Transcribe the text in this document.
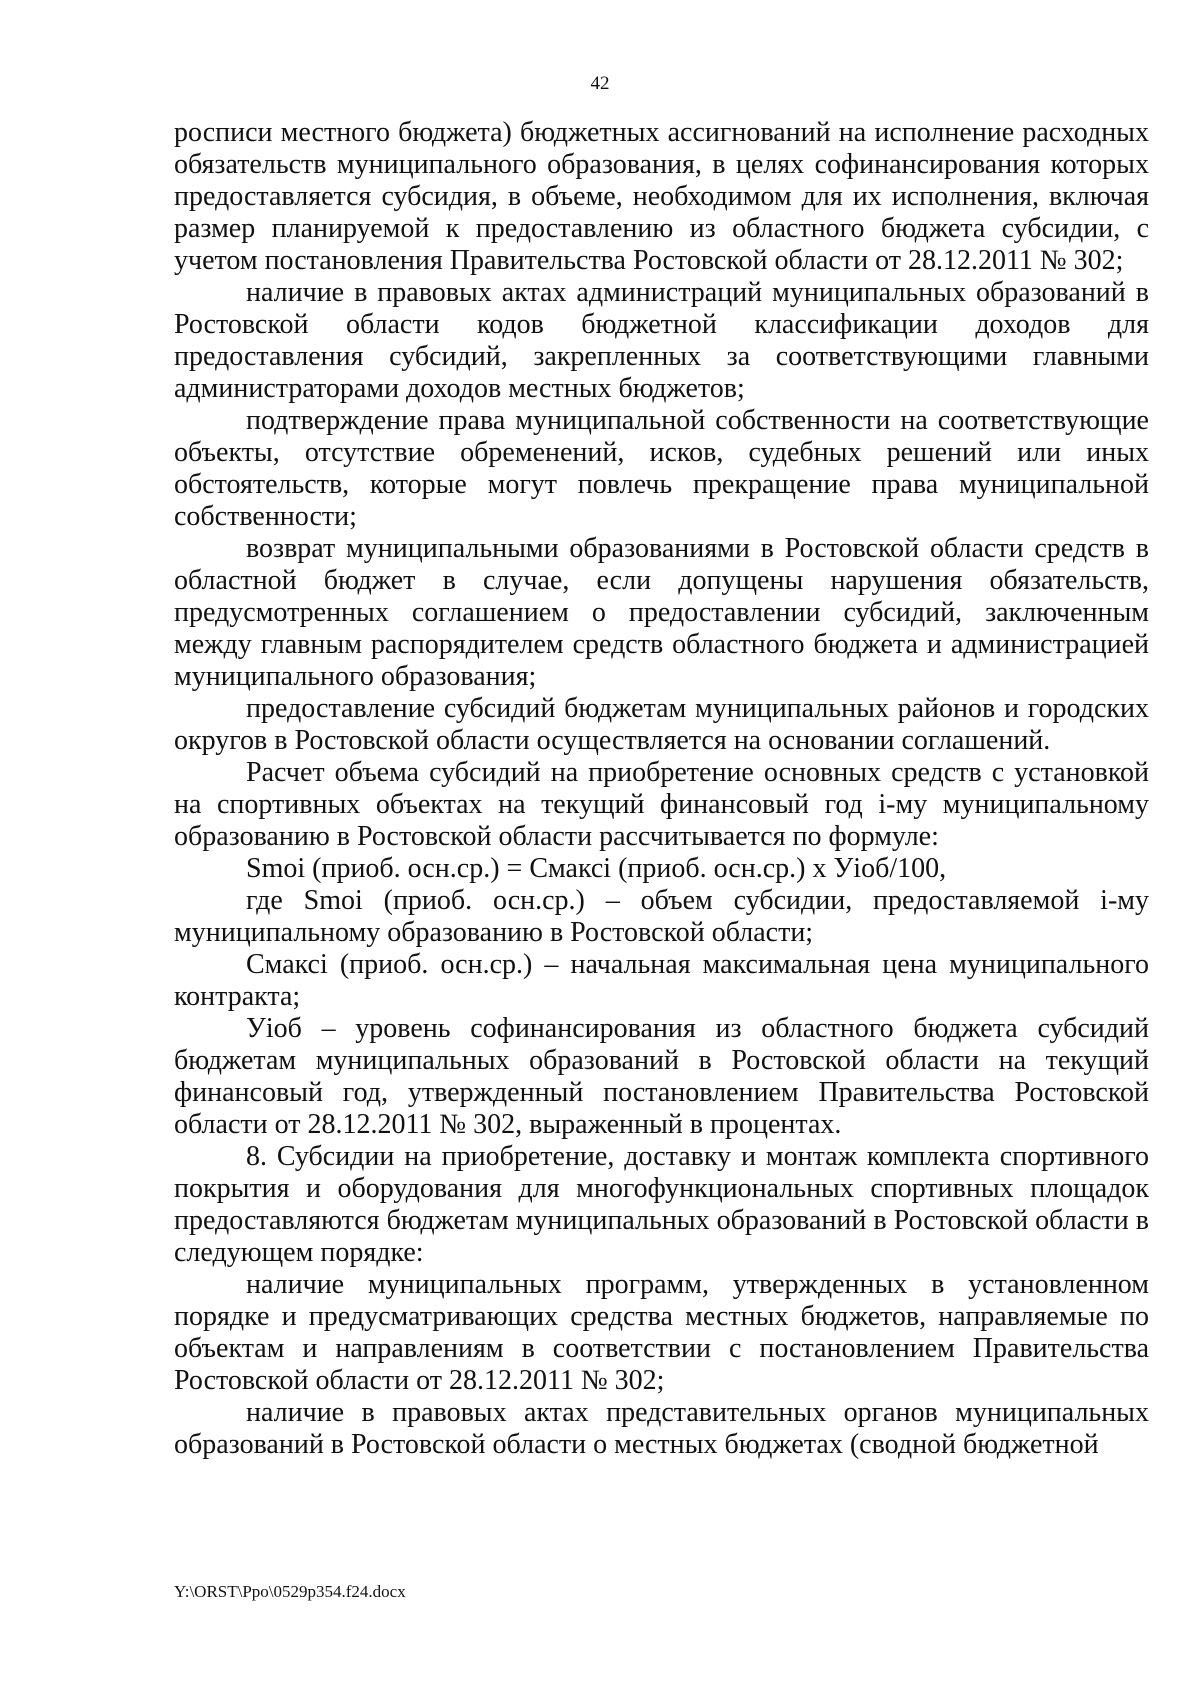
42

росписи местного бюджета) бюджетных ассигнований на исполнение расходных обязательств муниципального образования, в целях софинансирования которых предоставляется субсидия, в объеме, необходимом для их исполнения, включая размер планируемой к предоставлению из областного бюджета субсидии, с учетом постановления Правительства Ростовской области от 28.12.2011 № 302;

наличие в правовых актах администраций муниципальных образований в Ростовской области кодов бюджетной классификации доходов для предоставления субсидий, закрепленных за соответствующими главными администраторами доходов местных бюджетов;

подтверждение права муниципальной собственности на соответствующие объекты, отсутствие обременений, исков, судебных решений или иных обстоятельств, которые могут повлечь прекращение права муниципальной собственности;

возврат муниципальными образованиями в Ростовской области средств в областной бюджет в случае, если допущены нарушения обязательств, предусмотренных соглашением о предоставлении субсидий, заключенным между главным распорядителем средств областного бюджета и администрацией муниципального образования;

предоставление субсидий бюджетам муниципальных районов и городских округов в Ростовской области осуществляется на основании соглашений.

Расчет объема субсидий на приобретение основных средств с установкой на спортивных объектах на текущий финансовый год i-му муниципальному образованию в Ростовской области рассчитывается по формуле:

Smoi (приоб. осн.ср.) = Смаксi (приоб. осн.ср.) х Уioб/100,

где Smoi (приоб. осн.ср.) – объем субсидии, предоставляемой i-му муниципальному образованию в Ростовской области;

Смаксi (приоб. осн.ср.) – начальная максимальная цена муниципального контракта;

Уioб – уровень софинансирования из областного бюджета субсидий бюджетам муниципальных образований в Ростовской области на текущий финансовый год, утвержденный постановлением Правительства Ростовской области от 28.12.2011 № 302, выраженный в процентах.

8. Субсидии на приобретение, доставку и монтаж комплекта спортивного покрытия и оборудования для многофункциональных спортивных площадок предоставляются бюджетам муниципальных образований в Ростовской области в следующем порядке:

наличие муниципальных программ, утвержденных в установленном порядке и предусматривающих средства местных бюджетов, направляемые по объектам и направлениям в соответствии с постановлением Правительства Ростовской области от 28.12.2011 № 302;

наличие в правовых актах представительных органов муниципальных образований в Ростовской области о местных бюджетах (сводной бюджетной

Y:\ORST\Ppo\0529p354.f24.docx
